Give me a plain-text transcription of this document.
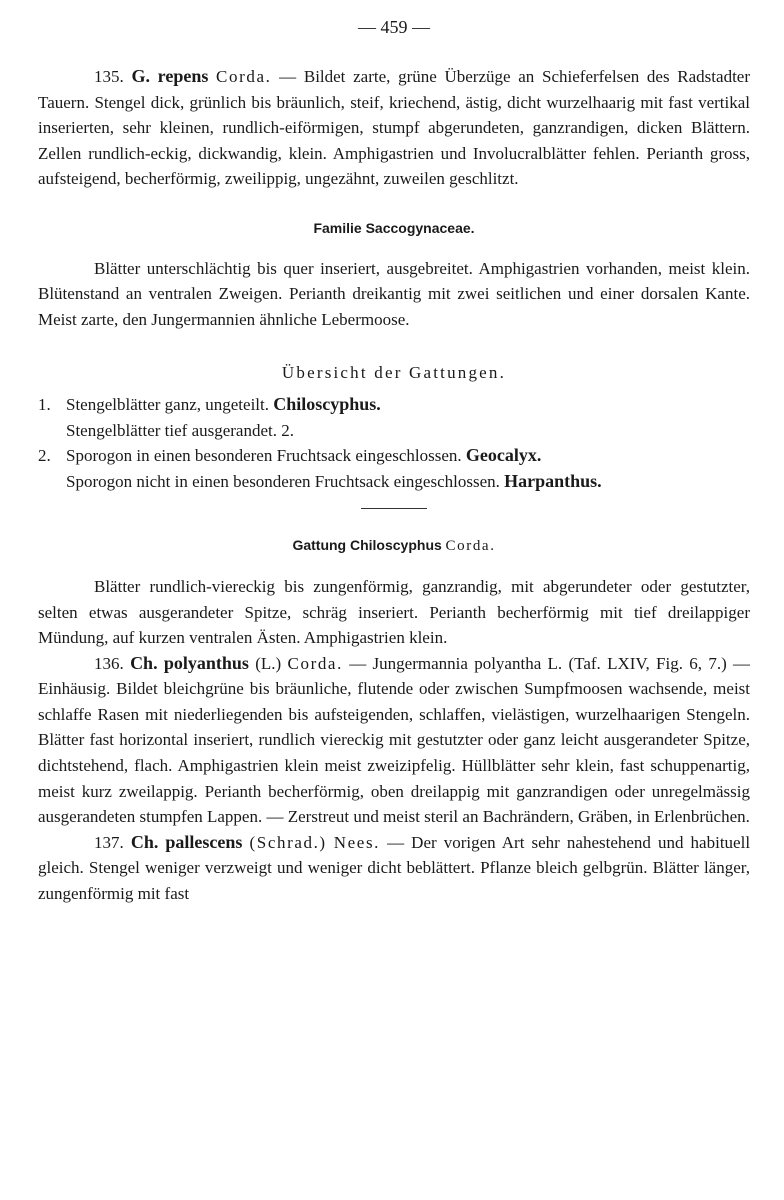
— 459 —

135. G. repens Corda. — Bildet zarte, grüne Überzüge an Schieferfelsen des Radstadter Tauern. Stengel dick, grünlich bis bräunlich, steif, kriechend, ästig, dicht wurzelhaarig mit fast vertikal inserierten, sehr kleinen, rundlich-eiförmigen, stumpf abgerundeten, ganzrandigen, dicken Blättern. Zellen rundlich-eckig, dickwandig, klein. Amphigastrien und Involucralblätter fehlen. Perianth gross, aufsteigend, becherförmig, zweilippig, ungezähnt, zuweilen geschlitzt.

Familie Saccogynaceae.

Blätter unterschlächtig bis quer inseriert, ausgebreitet. Amphigastrien vorhanden, meist klein. Blütenstand an ventralen Zweigen. Perianth dreikantig mit zwei seitlichen und einer dorsalen Kante. Meist zarte, den Jungermannien ähnliche Lebermoose.

Übersicht der Gattungen.
1. Stengelblätter ganz, ungeteilt. Chiloscyphus.
Stengelblätter tief ausgerandet. 2.
2. Sporogon in einen besonderen Fruchtsack eingeschlossen. Geocalyx.
Sporogon nicht in einen besonderen Fruchtsack eingeschlossen. Harpanthus.
Gattung Chiloscyphus Corda.

Blätter rundlich-viereckig bis zungenförmig, ganzrandig, mit abgerundeter oder gestutzter, selten etwas ausgerandeter Spitze, schräg inseriert. Perianth becherförmig mit tief dreilappiger Mündung, auf kurzen ventralen Ästen. Amphigastrien klein.

136. Ch. polyanthus (L.) Corda. — Jungermannia polyantha L. (Taf. LXIV, Fig. 6, 7.) — Einhäusig. Bildet bleichgrüne bis bräunliche, flutende oder zwischen Sumpfmoosen wachsende, meist schlaffe Rasen mit niederliegenden bis aufsteigenden, schlaffen, vielästigen, wurzelhaarigen Stengeln. Blätter fast horizontal inseriert, rundlich viereckig mit gestutzter oder ganz leicht ausgerandeter Spitze, dichtstehend, flach. Amphigastrien klein meist zweizipfelig. Hüllblätter sehr klein, fast schuppenartig, meist kurz zweilappig. Perianth becherförmig, oben dreilappig mit ganzrandigen oder unregelmässig ausgerandeten stumpfen Lappen. — Zerstreut und meist steril an Bachrändern, Gräben, in Erlenbrüchen.

137. Ch. pallescens (Schrad.) Nees. — Der vorigen Art sehr nahestehend und habituell gleich. Stengel weniger verzweigt und weniger dicht beblättert. Pflanze bleich gelbgrün. Blätter länger, zungenförmig mit fast
